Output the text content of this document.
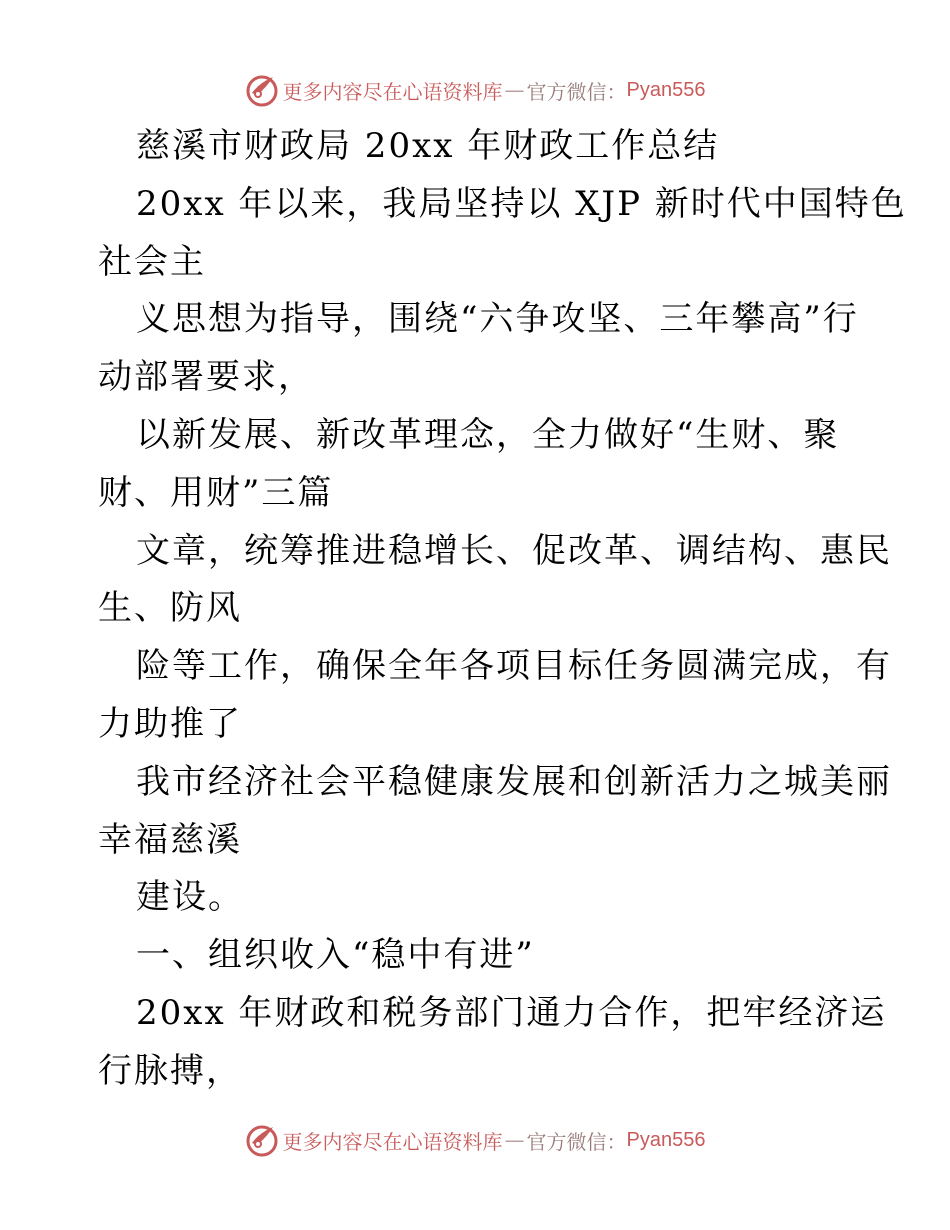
更多内容尽在心语资料库 — 官方微信： Pyan556
慈溪市财政局 20xx 年财政工作总结
20xx 年以来，我局坚持以 XJP 新时代中国特色
社会主
义思想为指导，围绕“六争攻坚、三年攀高”行
动部署要求，
以新发展、新改革理念，全力做好“生财、聚
财、用财”三篇
文章，统筹推进稳增长、促改革、调结构、惠民
生、防风
险等工作，确保全年各项目标任务圆满完成，有
力助推了
我市经济社会平稳健康发展和创新活力之城美丽
幸福慈溪
建设。
一、组织收入“稳中有进”
20xx 年财政和税务部门通力合作，把牢经济运
行脉搏，
更多内容尽在心语资料库 — 官方微信： Pyan556
